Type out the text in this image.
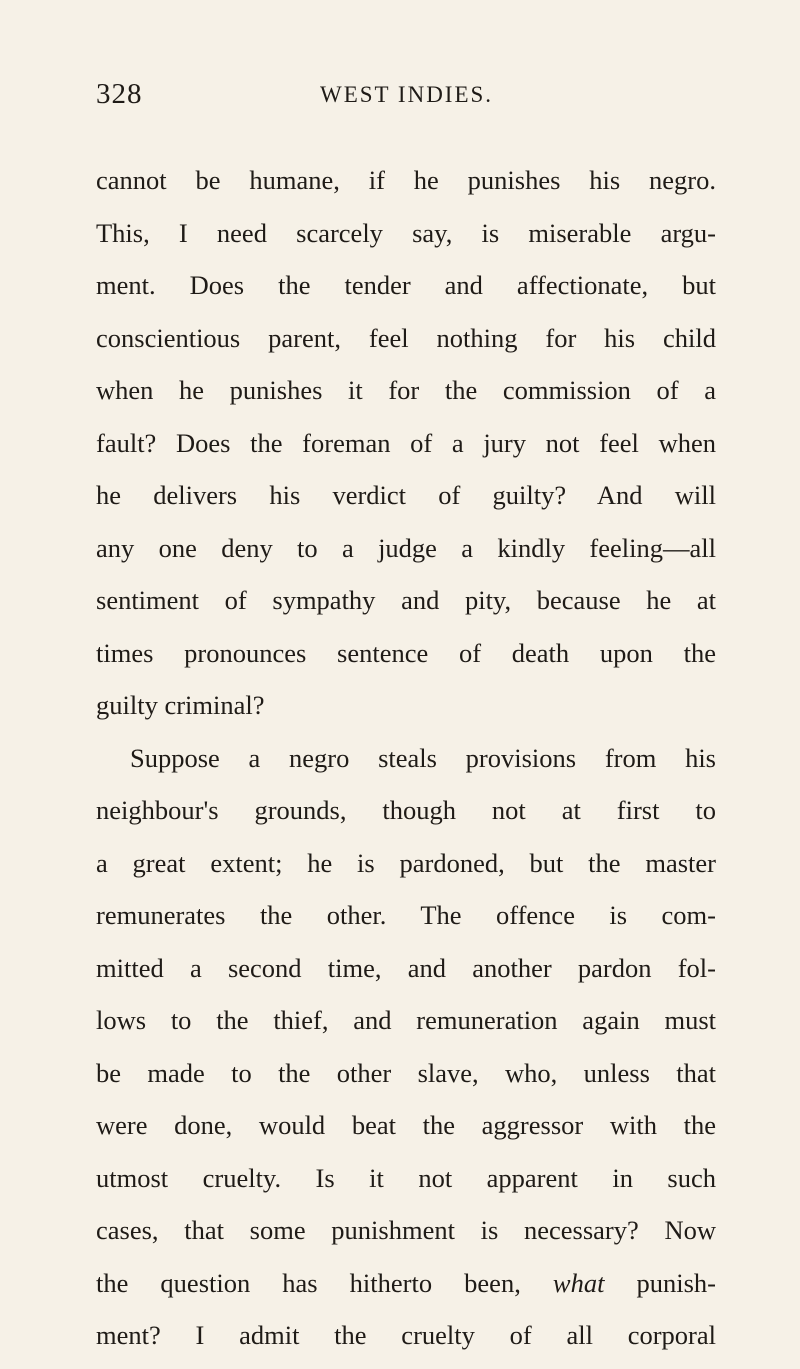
328	WEST INDIES.
cannot be humane, if he punishes his negro.
This, I need scarcely say, is miserable argu-
ment. Does the tender and affectionate, but
conscientious parent, feel nothing for his child
when he punishes it for the commission of a
fault? Does the foreman of a jury not feel when
he delivers his verdict of guilty? And will
any one deny to a judge a kindly feeling—all
sentiment of sympathy and pity, because he at
times pronounces sentence of death upon the
guilty criminal?
Suppose a negro steals provisions from his
neighbour's grounds, though not at first to
a great extent; he is pardoned, but the master
remunerates the other. The offence is com-
mitted a second time, and another pardon fol-
lows to the thief, and remuneration again must
be made to the other slave, who, unless that
were done, would beat the aggressor with the
utmost cruelty. Is it not apparent in such
cases, that some punishment is necessary? Now
the question has hitherto been, what punish-
ment? I admit the cruelty of all corporal
